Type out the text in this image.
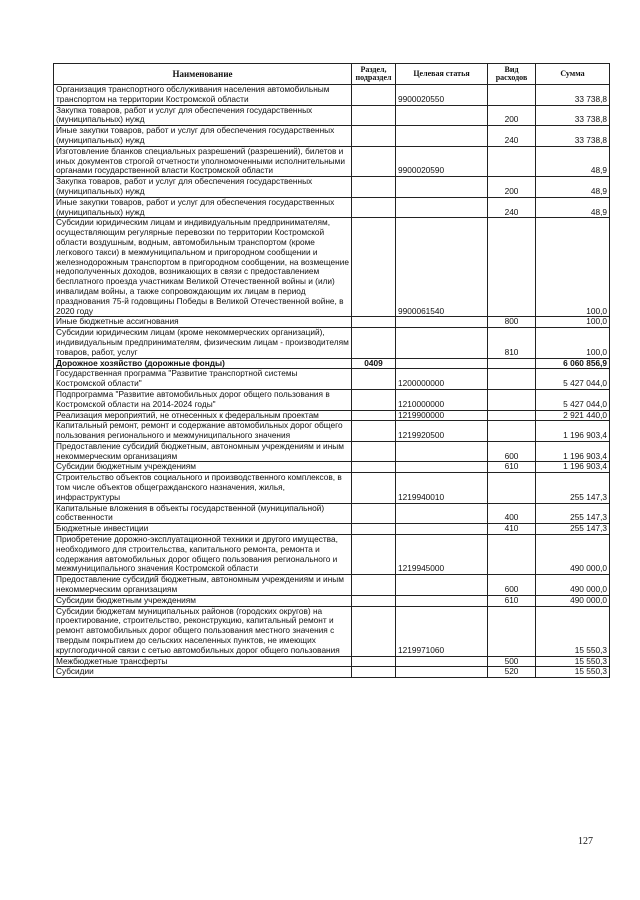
Наименование	Раздел, подраздел	Целевая статья	Вид расходов	Сумма
Организация транспортного обслуживания населения автомобильным транспортом на территории Костромской области		9900020550		33 738,8
Закупка товаров, работ и услуг для обеспечения государственных (муниципальных) нужд			200	33 738,8
Иные закупки товаров, работ и услуг для обеспечения государственных (муниципальных) нужд			240	33 738,8
Изготовление бланков специальных разрешений (разрешений), билетов и иных документов строгой отчетности уполномоченными исполнительными органами государственной власти Костромской области		9900020590		48,9
Закупка товаров, работ и услуг для обеспечения государственных (муниципальных) нужд			200	48,9
Иные закупки товаров, работ и услуг для обеспечения государственных (муниципальных) нужд			240	48,9
Субсидии юридическим лицам и индивидуальным предпринимателям, осуществляющим регулярные перевозки по территории Костромской области воздушным, водным, автомобильным транспортом (кроме легкового такси) в межмуниципальном и пригородном сообщении и железнодорожным транспортом в пригородном сообщении, на возмещение недополученных доходов, возникающих в связи с предоставлением бесплатного проезда участникам Великой Отечественной войны и (или) инвалидам войны, а также сопровождающим их лицам в период празднования 75-й годовщины Победы в Великой Отечественной войне, в 2020 году		9900061540		100,0
Иные бюджетные ассигнования			800	100,0
Субсидии юридическим лицам (кроме некоммерческих организаций), индивидуальным предпринимателям, физическим лицам - производителям товаров, работ, услуг			810	100,0
Дорожное хозяйство (дорожные фонды)	0409			6 060 856,9
Государственная программа "Развитие транспортной системы Костромской области"		1200000000		5 427 044,0
Подпрограмма "Развитие автомобильных дорог общего пользования в Костромской области на 2014-2024 годы"		1210000000		5 427 044,0
Реализация мероприятий, не отнесенных к федеральным проектам		1219900000		2 921 440,0
Капитальный ремонт, ремонт и содержание автомобильных дорог общего пользования регионального и межмуниципального значения		1219920500		1 196 903,4
Предоставление субсидий бюджетным, автономным учреждениям и иным некоммерческим организациям			600	1 196 903,4
Субсидии бюджетным учреждениям			610	1 196 903,4
Строительство объектов социального и производственного комплексов, в том числе объектов общегражданского назначения, жилья, инфраструктуры		1219940010		255 147,3
Капитальные вложения в объекты государственной (муниципальной) собственности			400	255 147,3
Бюджетные инвестиции			410	255 147,3
Приобретение дорожно-эксплуатационной техники и другого имущества, необходимого для строительства, капитального ремонта, ремонта и содержания автомобильных дорог общего пользования регионального и межмуниципального значения Костромской области		1219945000		490 000,0
Предоставление субсидий бюджетным, автономным учреждениям и иным некоммерческим организациям			600	490 000,0
Субсидии бюджетным учреждениям			610	490 000,0
Субсидии бюджетам муниципальных районов (городских округов) на проектирование, строительство, реконструкцию, капитальный ремонт и ремонт автомобильных дорог общего пользования местного значения с твердым покрытием до сельских населенных пунктов, не имеющих круглогодичной связи с сетью автомобильных дорог общего пользования		1219971060		15 550,3
Межбюджетные трансферты			500	15 550,3
Субсидии			520	15 550,3
127
